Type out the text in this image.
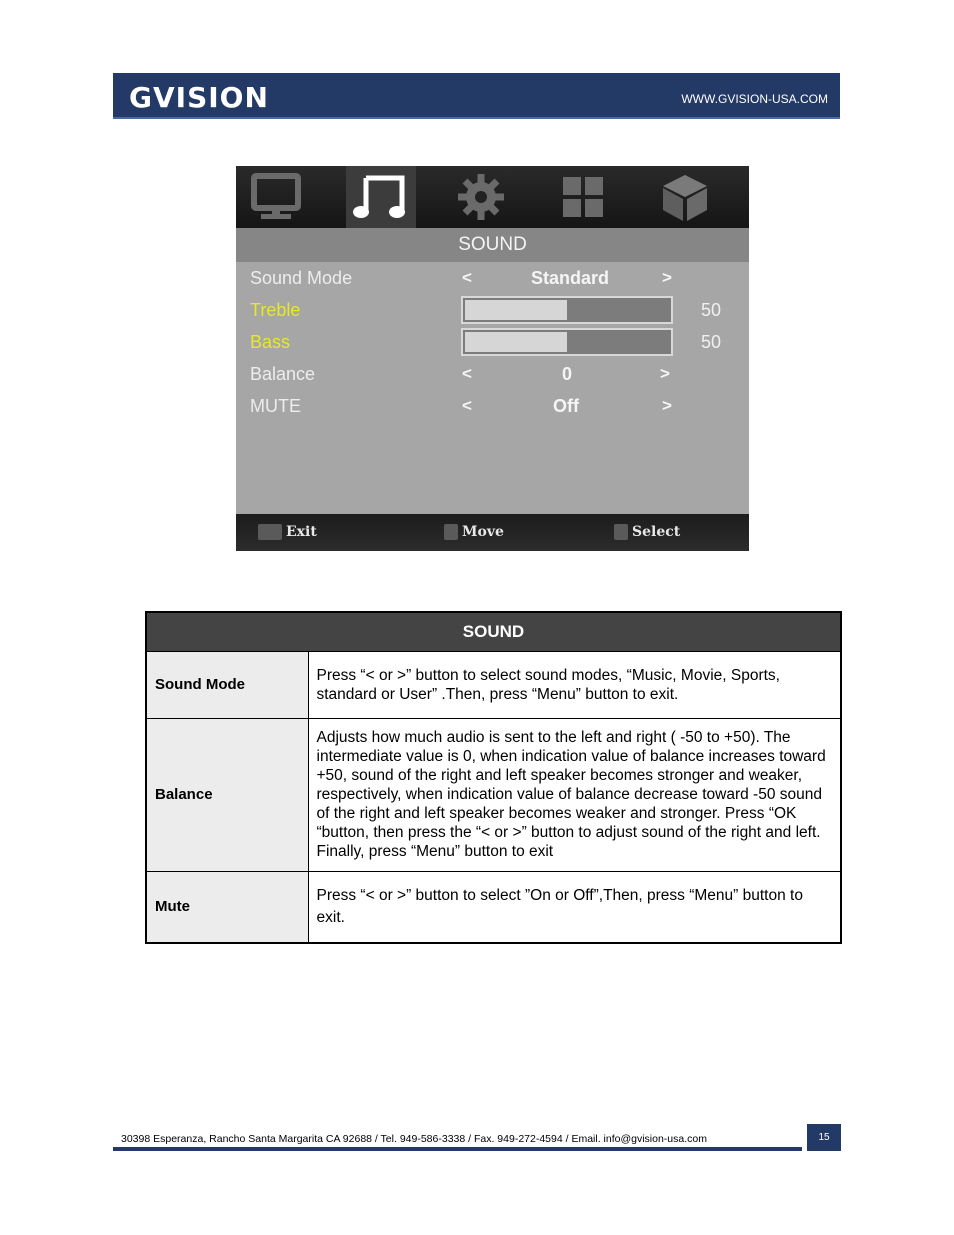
GVISION	WWW.GVISION-USA.COM
SOUND
Sound Mode	<	Standard	>
Treble	50
Bass	50
Balance	<	0	>
MUTE	<	Off	>
Exit	Move	Select
SOUND	
Sound Mode	Press “< or >” button to select sound modes, “Music, Movie, Sports, standard or User” .Then, press “Menu” button to exit.
Balance	Adjusts how much audio is sent to the left and right ( -50 to +50). The intermediate value is 0, when indication value of balance increases toward +50, sound of the right and left speaker becomes stronger and weaker, respectively, when indication value of balance decrease toward -50 sound of the right and left speaker becomes weaker and stronger. Press “OK “button, then press the “< or >” button to adjust sound of the right and left. Finally, press “Menu” button to exit
Mute	Press “< or >” button to select ”On or Off”,Then, press “Menu” button to exit.
30398 Esperanza, Rancho Santa Margarita CA 92688 / Tel. 949-586-3338 / Fax. 949-272-4594 / Email. info@gvision-usa.com	15
